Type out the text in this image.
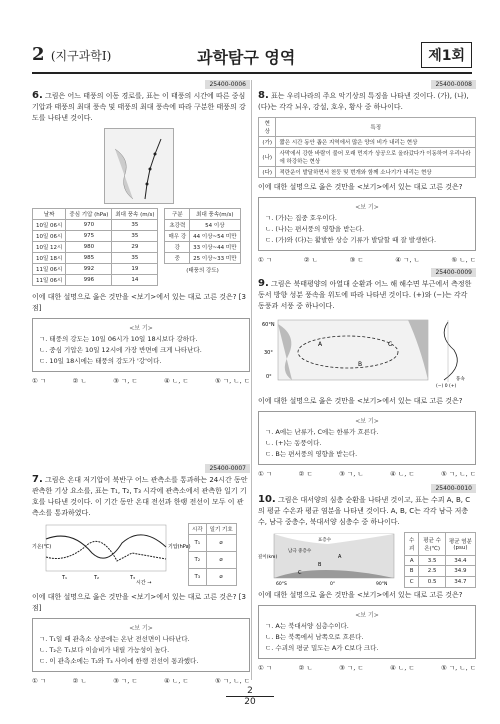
2 (지구과학Ⅰ)	과학탐구 영역	제1회
25400-0006
6. 그림은 어느 태풍의 이동 경로를, 표는 이 태풍의 시간에 따른 중심 기압과 태풍의 최대 풍속 및 태풍의 최대 풍속에 따라 구분한 태풍의 강도를 나타낸 것이다.
날짜	중심 기압 (hPa)	최대 풍속 (m/s)
10일 06시	970	35
10일 06시	975	35
10일 12시	980	29
10일 18시	985	35
11일 06시	992	19
11일 06시	996	14
구분	최대 풍속(m/s)
초강력	54 이상
매우 강	44 이상~54 미만
강	33 이상~44 미만
중	25 이상~33 미만
(태풍의 강도)
이에 대한 설명으로 옳은 것만을 <보기>에서 있는 대로 고른 것은? [3점]
<보 기>
ㄱ. 태풍의 강도는 10일 06시가 10일 18시보다 강하다.
ㄴ. 중심 기압은 10일 12시에 가장 반면에 크게 나타난다.
ㄷ. 10일 18시에는 태풍의 강도가 '강'이다.
① ㄱ	② ㄴ	③ ㄱ, ㄷ	④ ㄴ, ㄷ	⑤ ㄱ, ㄴ, ㄷ
25400-0007
7. 그림은 온대 저기압이 북반구 어느 관측소를 통과하는 24시간 동안 관측한 기상 요소를, 표는 T₁, T₂, T₃ 시각에 관측소에서 관측한 일기 기호를 나타낸 것이다. 이 기간 동안 온대 전선과 한랭 전선이 모두 이 관측소를 통과하였다.
기온(℃)	기압(hPa)
T₁	T₂	T₃
시간 →
시각	일기 기호
T₁	⌀
T₂	⌀
T₃	⌀
이에 대한 설명으로 옳은 것만을 <보기>에서 있는 대로 고른 것은? [3점]
<보 기>
ㄱ. T₁일 때 관측소 상공에는 온난 전선면이 나타난다.
ㄴ. T₂은 T₁보다 이슬비가 내릴 가능성이 높다.
ㄷ. 이 관측소에는 T₂와 T₃ 사이에 한랭 전선이 통과했다.
① ㄱ	② ㄴ	③ ㄱ, ㄷ	④ ㄴ, ㄷ	⑤ ㄱ, ㄴ, ㄷ
25400-0008
8. 표는 우리나라의 주요 악기상의 특징을 나타낸 것이다. (가), (나), (다)는 각각 뇌우, 강설, 호우, 황사 중 하나이다.
현상	특징
(가)	짧은 시간 동안 좁은 지역에서 많은 양의 비가 내리는 현상
(나)	사막에서 강한 바람이 불어 모래 먼지가 상공으로 올라갔다가 이동하여 우리나라에 하강하는 현상
(다)	적란운이 발달하면서 천둥 및 번개와 함께 소나기가 내리는 현상
이에 대한 설명으로 옳은 것만을 <보기>에서 있는 대로 고른 것은?
<보 기>
ㄱ. (가)는 집중 호우이다.
ㄴ. (나)는 편서풍의 영향을 받는다.
ㄷ. (가)와 (다)는 활발한 상승 기류가 발달할 때 잘 발생한다.
① ㄱ	② ㄴ	③ ㄷ	④ ㄱ, ㄴ	⑤ ㄴ, ㄷ
25400-0009
9. 그림은 북태평양의 아열대 순환과 어느 해 해수면 부근에서 측정한 동서 방향 성분 풍속을 위도에 따라 나타낸 것이다. (+)와 (−)는 각각 동풍과 서풍 중 하나이다.
60°N
30°
0°
A
B
C
(−) 0 (+)
풍속
이에 대한 설명으로 옳은 것만을 <보기>에서 있는 대로 고른 것은?
<보 기>
ㄱ. A에는 난류가, C에는 한류가 흐른다.
ㄴ. (+)는 동풍이다.
ㄷ. B는 편서풍의 영향을 받는다.
① ㄱ	② ㄷ	③ ㄱ, ㄴ	④ ㄴ, ㄷ	⑤ ㄱ, ㄴ, ㄷ
25400-0010
10. 그림은 대서양의 심층 순환을 나타낸 것이고, 표는 수괴 A, B, C의 평균 수온과 평균 염분을 나타낸 것이다. A, B, C는 각각 남극 저층수, 남극 중층수, 북대서양 심층수 중 하나이다.
표층수
남극 중층수
A
B
C
깊이(km)
60°S	0°	90°N
수괴	평균 수온(℃)	평균 염분(psu)
A	3.5	34.4
B	2.5	34.9
C	0.5	34.7
이에 대한 설명으로 옳은 것만을 <보기>에서 있는 대로 고른 것은?
<보 기>
ㄱ. A는 북대서양 심층수이다.
ㄴ. B는 북쪽에서 남쪽으로 흐른다.
ㄷ. 수괴의 평균 밀도는 A가 C보다 크다.
① ㄱ	② ㄴ	③ ㄱ, ㄷ	④ ㄴ, ㄷ	⑤ ㄱ, ㄴ, ㄷ
2
20
